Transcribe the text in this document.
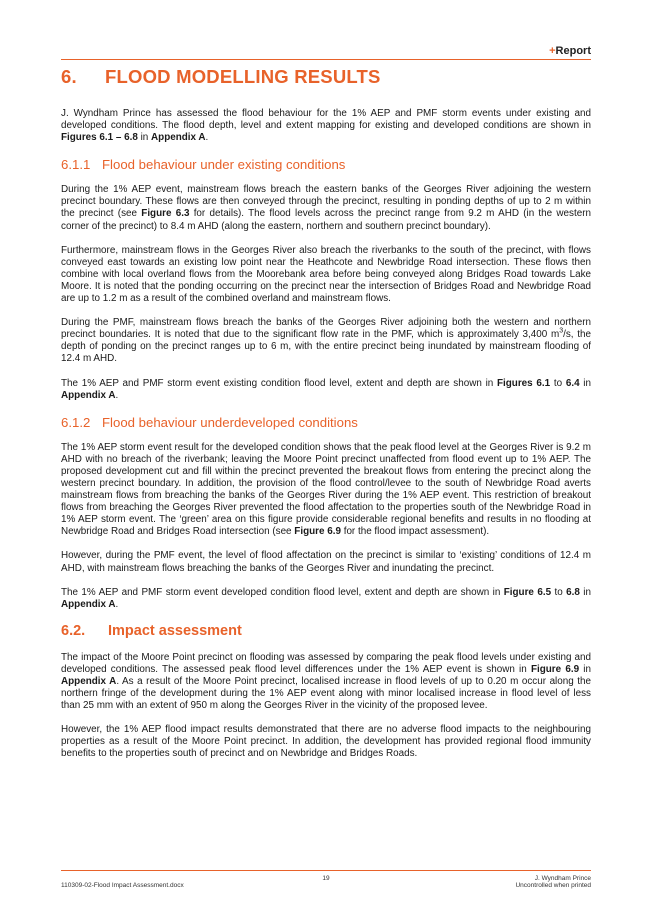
+Report
6. FLOOD MODELLING RESULTS

J. Wyndham Prince has assessed the flood behaviour for the 1% AEP and PMF storm events under existing and developed conditions. The flood depth, level and extent mapping for existing and developed conditions are shown in Figures 6.1 – 6.8 in Appendix A.

6.1.1 Flood behaviour under existing conditions

During the 1% AEP event, mainstream flows breach the eastern banks of the Georges River adjoining the western precinct boundary. These flows are then conveyed through the precinct, resulting in ponding depths of up to 2 m within the precinct (see Figure 6.3 for details). The flood levels across the precinct range from 9.2 m AHD (in the western corner of the precinct) to 8.4 m AHD (along the eastern, northern and southern precinct boundary).

Furthermore, mainstream flows in the Georges River also breach the riverbanks to the south of the precinct, with flows conveyed east towards an existing low point near the Heathcote and Newbridge Road intersection. These flows then combine with local overland flows from the Moorebank area before being conveyed along Bridges Road towards Lake Moore. It is noted that the ponding occurring on the precinct near the intersection of Bridges Road and Newbridge Road are up to 1.2 m as a result of the combined overland and mainstream flows.

During the PMF, mainstream flows breach the banks of the Georges River adjoining both the western and northern precinct boundaries. It is noted that due to the significant flow rate in the PMF, which is approximately 3,400 $m^3/s$, the depth of ponding on the precinct ranges up to 6 m, with the entire precinct being inundated by mainstream flooding of 12.4 m AHD.

The 1% AEP and PMF storm event existing condition flood level, extent and depth are shown in Figures 6.1 to 6.4 in Appendix A.

6.1.2 Flood behaviour underdeveloped conditions

The 1% AEP storm event result for the developed condition shows that the peak flood level at the Georges River is 9.2 m AHD with no breach of the riverbank; leaving the Moore Point precinct unaffected from flood event up to 1% AEP. The proposed development cut and fill within the precinct prevented the breakout flows from entering the precinct along the western precinct boundary. In addition, the provision of the flood control/levee to the south of Newbridge Road averts mainstream flows from breaching the banks of the Georges River during the 1% AEP event. This restriction of breakout flows from breaching the Georges River prevented the flood affectation to the properties south of the Newbridge Road in 1% AEP storm event. The ‘green’ area on this figure provide considerable regional benefits and results in no flooding at Newbridge Road and Bridges Road intersection (see Figure 6.9 for the flood impact assessment).

However, during the PMF event, the level of flood affectation on the precinct is similar to ‘existing’ conditions of 12.4 m AHD, with mainstream flows breaching the banks of the Georges River and inundating the precinct.

The 1% AEP and PMF storm event developed condition flood level, extent and depth are shown in Figure 6.5 to 6.8 in Appendix A.

6.2. Impact assessment

The impact of the Moore Point precinct on flooding was assessed by comparing the peak flood levels under existing and developed conditions. The assessed peak flood level differences under the 1% AEP event is shown in Figure 6.9 in Appendix A. As a result of the Moore Point precinct, localised increase in flood levels of up to 0.20 m occur along the northern fringe of the development during the 1% AEP event along with minor localised increase in flood level of less than 25 mm with an extent of 950 m along the Georges River in the vicinity of the proposed levee.

However, the 1% AEP flood impact results demonstrated that there are no adverse flood impacts to the neighbouring properties as a result of the Moore Point precinct. In addition, the development has provided regional flood immunity benefits to the properties south of precinct and on Newbridge and Bridges Roads.

19	J. Wyndham Prince
110309-02-Flood Impact Assessment.docx	Uncontrolled when printed
